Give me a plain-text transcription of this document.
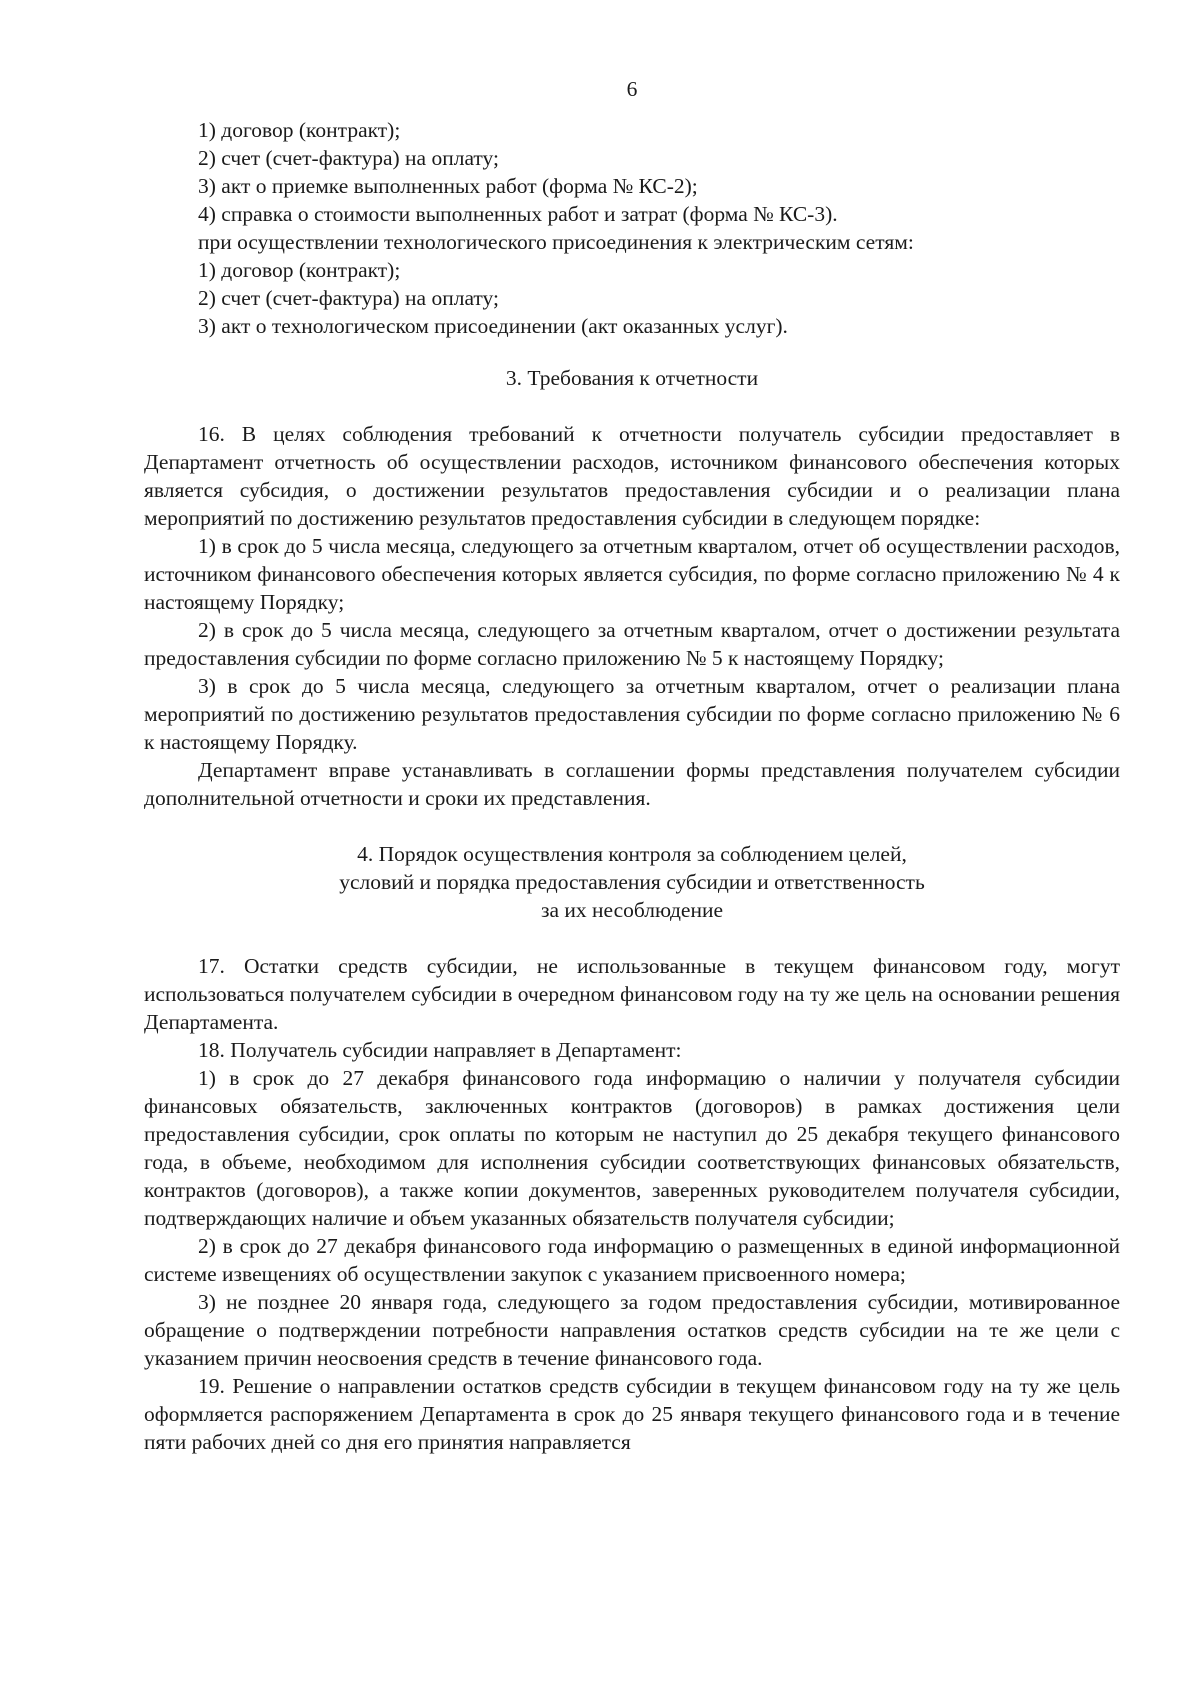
6

1) договор (контракт);

2) счет (счет-фактура) на оплату;

3) акт о приемке выполненных работ (форма № КС-2);

4) справка о стоимости выполненных работ и затрат (форма № КС-3).

при осуществлении технологического присоединения к электрическим сетям:

1) договор (контракт);

2) счет (счет-фактура) на оплату;

3) акт о технологическом присоединении (акт оказанных услуг).

3. Требования к отчетности

16. В целях соблюдения требований к отчетности получатель субсидии предоставляет в Департамент отчетность об осуществлении расходов, источником финансового обеспечения которых является субсидия, о достижении результатов предоставления субсидии и о реализации плана мероприятий по достижению результатов предоставления субсидии в следующем порядке:

1) в срок до 5 числа месяца, следующего за отчетным кварталом, отчет об осуществлении расходов, источником финансового обеспечения которых является субсидия, по форме согласно приложению № 4 к настоящему Порядку;

2) в срок до 5 числа месяца, следующего за отчетным кварталом, отчет о достижении результата предоставления субсидии по форме согласно приложению № 5 к настоящему Порядку;

3) в срок до 5 числа месяца, следующего за отчетным кварталом, отчет о реализации плана мероприятий по достижению результатов предоставления субсидии по форме согласно приложению № 6 к настоящему Порядку.

Департамент вправе устанавливать в соглашении формы представления получателем субсидии дополнительной отчетности и сроки их представления.

4. Порядок осуществления контроля за соблюдением целей,

условий и порядка предоставления субсидии и ответственность

за их несоблюдение

17. Остатки средств субсидии, не использованные в текущем финансовом году, могут использоваться получателем субсидии в очередном финансовом году на ту же цель на основании решения Департамента.

18. Получатель субсидии направляет в Департамент:

1) в срок до 27 декабря финансового года информацию о наличии у получателя субсидии финансовых обязательств, заключенных контрактов (договоров) в рамках достижения цели предоставления субсидии, срок оплаты по которым не наступил до 25 декабря текущего финансового года, в объеме, необходимом для исполнения субсидии соответствующих финансовых обязательств, контрактов (договоров), а также копии документов, заверенных руководителем получателя субсидии, подтверждающих наличие и объем указанных обязательств получателя субсидии;

2) в срок до 27 декабря финансового года информацию о размещенных в единой информационной системе извещениях об осуществлении закупок с указанием присвоенного номера;

3) не позднее 20 января года, следующего за годом предоставления субсидии, мотивированное обращение о подтверждении потребности направления остатков средств субсидии на те же цели с указанием причин неосвоения средств в течение финансового года.

19. Решение о направлении остатков средств субсидии в текущем финансовом году на ту же цель оформляется распоряжением Департамента в срок до 25 января текущего финансового года и в течение пяти рабочих дней со дня его принятия направляется
